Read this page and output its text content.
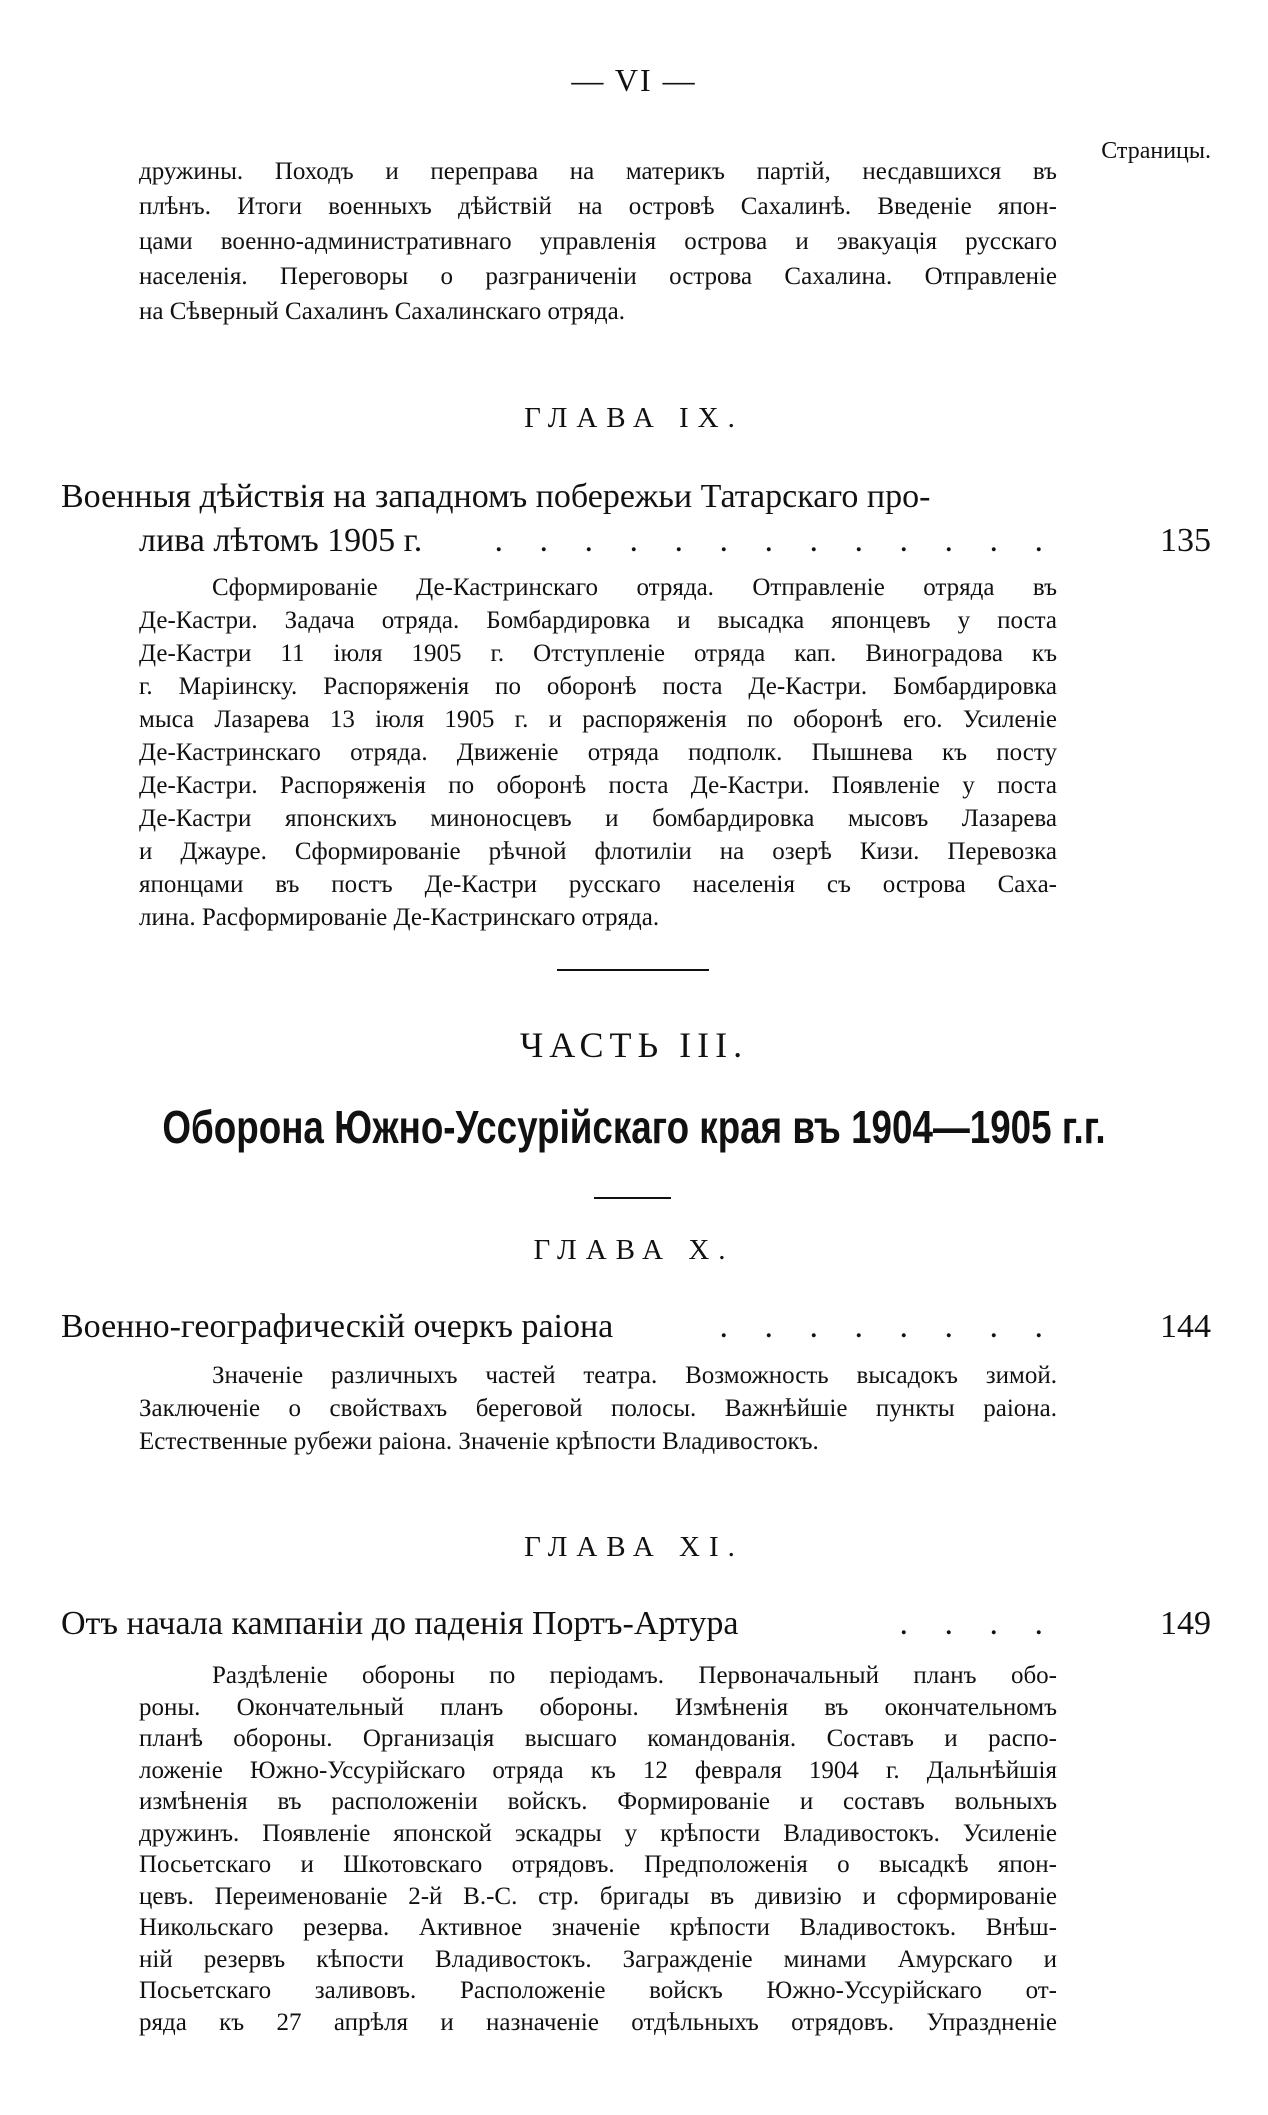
— VI —
Страницы.
дружины. Походъ и переправа на материкъ партій, несдавшихся въ
плѣнъ. Итоги военныхъ дѣйствій на островѣ Сахалинѣ. Введеніе япон-
цами военно-административнаго управленія острова и эвакуація русскаго
населенія. Переговоры о разграниченіи острова Сахалина. Отправленіе
на Сѣверный Сахалинъ Сахалинскаго отряда.
ГЛАВА IX.
Военныя дѣйствія на западномъ побережьи Татарскаго про-
лива лѣтомъ 1905 г. . . . . . . . . . . . . .	135
Сформированіе Де-Кастринскаго отряда. Отправленіе отряда въ
Де-Кастри. Задача отряда. Бомбардировка и высадка японцевъ у поста
Де-Кастри 11 іюля 1905 г. Отступленіе отряда кап. Виноградова къ
г. Маріинску. Распоряженія по оборонѣ поста Де-Кастри. Бомбардировка
мыса Лазарева 13 іюля 1905 г. и распоряженія по оборонѣ его. Усиленіе
Де-Кастринскаго отряда. Движеніе отряда подполк. Пышнева къ посту
Де-Кастри. Распоряженія по оборонѣ поста Де-Кастри. Появленіе у поста
Де-Кастри японскихъ миноносцевъ и бомбардировка мысовъ Лазарева
и Джауре. Сформированіе рѣчной флотиліи на озерѣ Кизи. Перевозка
японцами въ постъ Де-Кастри русскаго населенія съ острова Саха-
лина. Расформированіе Де-Кастринскаго отряда.
ЧАСТЬ III.
Оборона Южно-Уссурійскаго края въ 1904—1905 г.г.
ГЛАВА X.
Военно-географическій очеркъ раіона	. . . . . . . .	144
Значеніе различныхъ частей театра. Возможность высадокъ зимой.
Заключеніе о свойствахъ береговой полосы. Важнѣйшіе пункты раіона.
Естественные рубежи раіона. Значеніе крѣпости Владивостокъ.
ГЛАВА XI.
Отъ начала кампаніи до паденія Портъ-Артура	. . . .	149
Раздѣленіе обороны по періодамъ. Первоначальный планъ обо-
роны. Окончательный планъ обороны. Измѣненія въ окончательномъ
планѣ обороны. Организація высшаго командованія. Составъ и распо-
ложеніе Южно-Уссурійскаго отряда къ 12 февраля 1904 г. Дальнѣйшія
измѣненія въ расположеніи войскъ. Формированіе и составъ вольныхъ
дружинъ. Появленіе японской эскадры у крѣпости Владивостокъ. Усиленіе
Посьетскаго и Шкотовскаго отрядовъ. Предположенія о высадкѣ япон-
цевъ. Переименованіе 2-й В.-С. стр. бригады въ дивизію и сформированіе
Никольскаго резерва. Активное значеніе крѣпости Владивостокъ. Внѣш-
ній резервъ кѣпости Владивостокъ. Загражденіе минами Амурскаго и
Посьетскаго заливовъ. Расположеніе войскъ Южно-Уссурійскаго от-
ряда къ 27 апрѣля и назначеніе отдѣльныхъ отрядовъ. Упраздненіе
